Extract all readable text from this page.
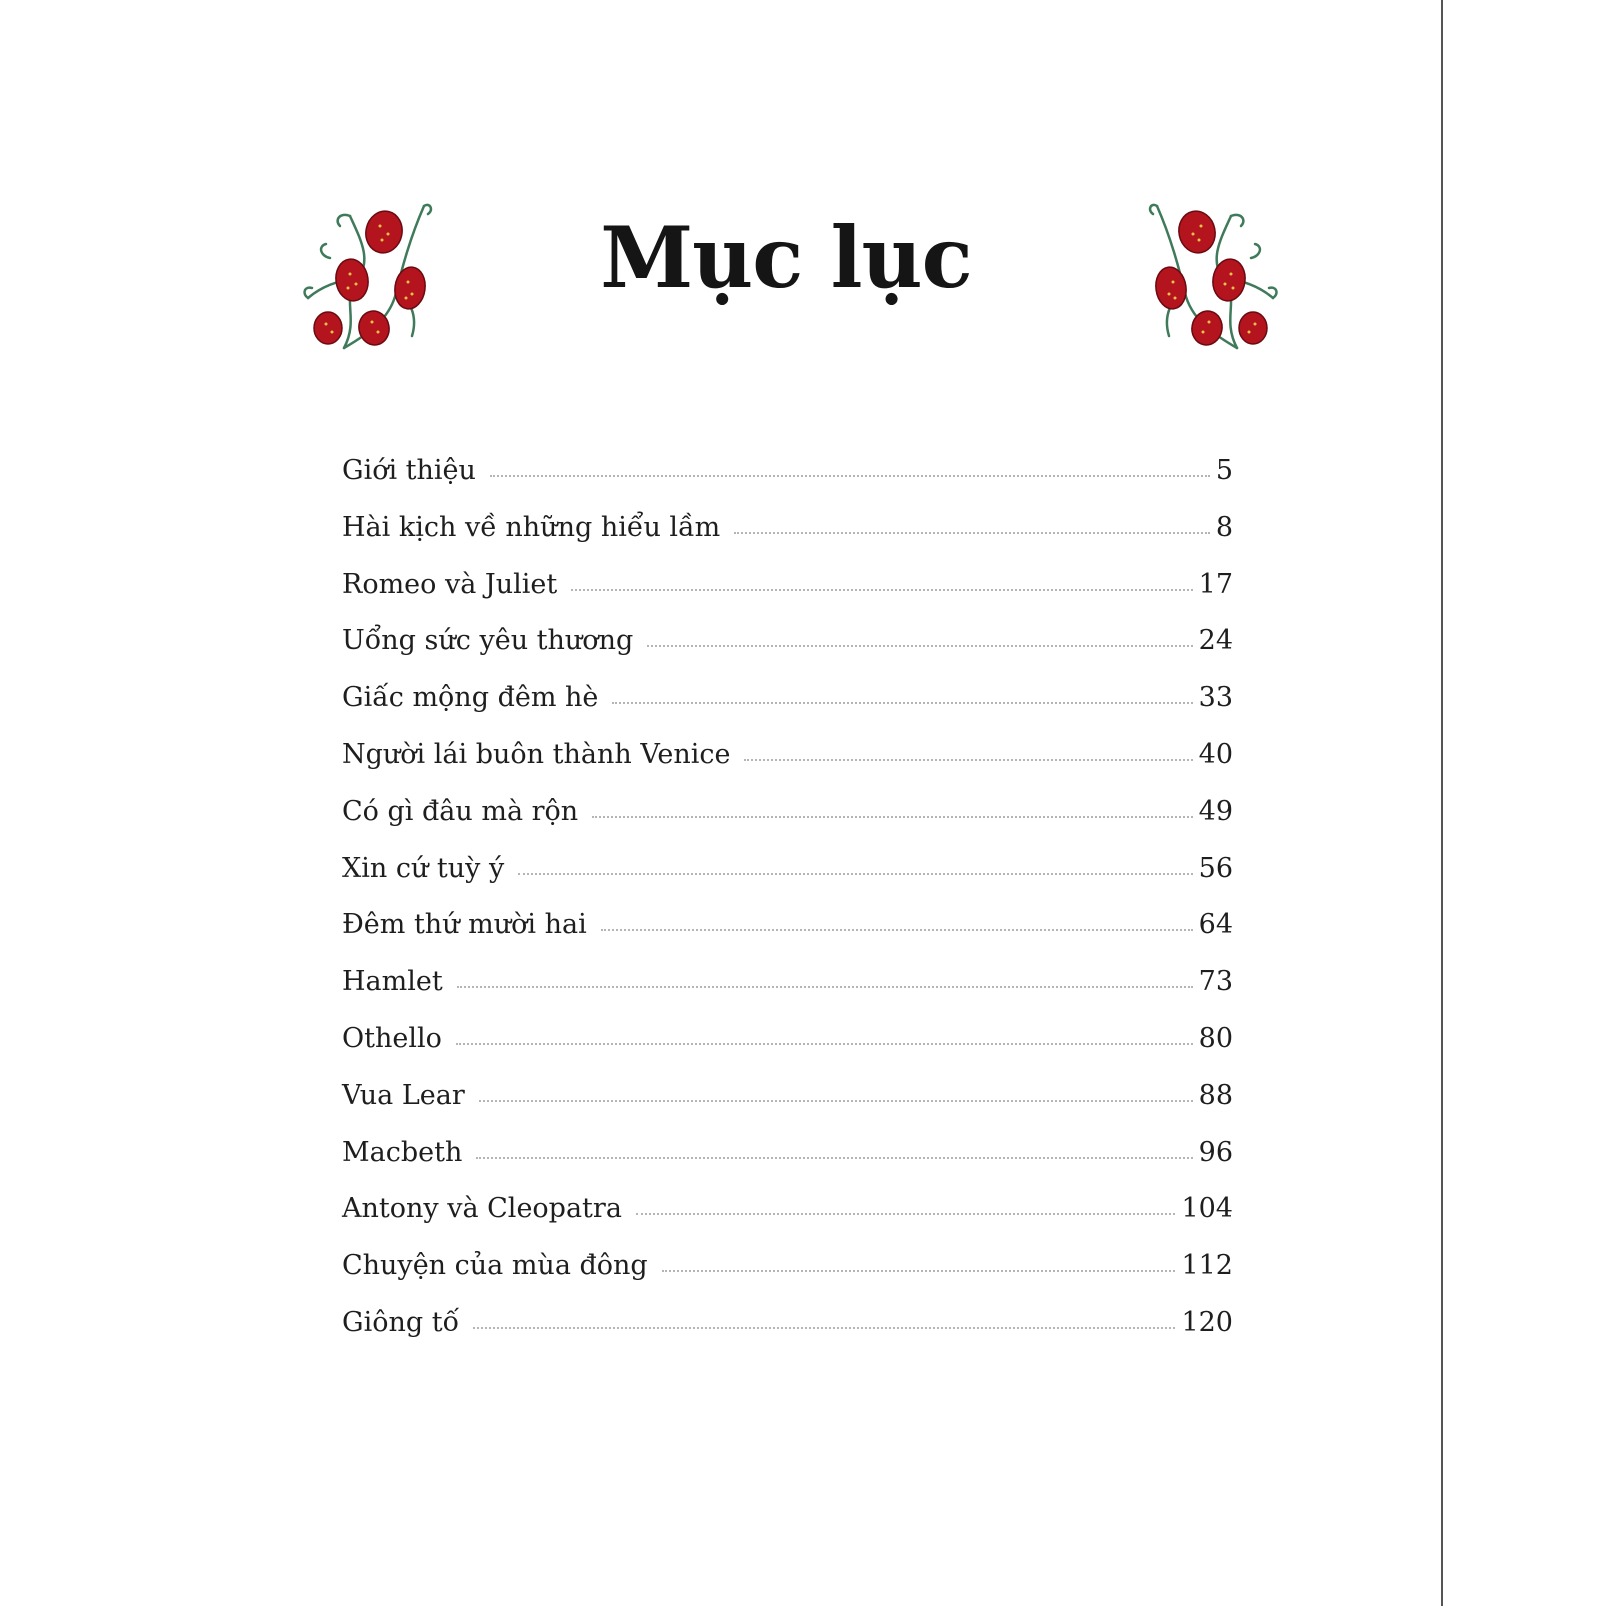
Mục lục
Giới thiệu	5
Hài kịch về những hiểu lầm	8
Romeo và Juliet	17
Uổng sức yêu thương	24
Giấc mộng đêm hè	33
Người lái buôn thành Venice	40
Có gì đâu mà rộn	49
Xin cứ tuỳ ý	56
Đêm thứ mười hai	64
Hamlet	73
Othello	80
Vua Lear	88
Macbeth	96
Antony và Cleopatra	104
Chuyện của mùa đông	112
Giông tố	120
